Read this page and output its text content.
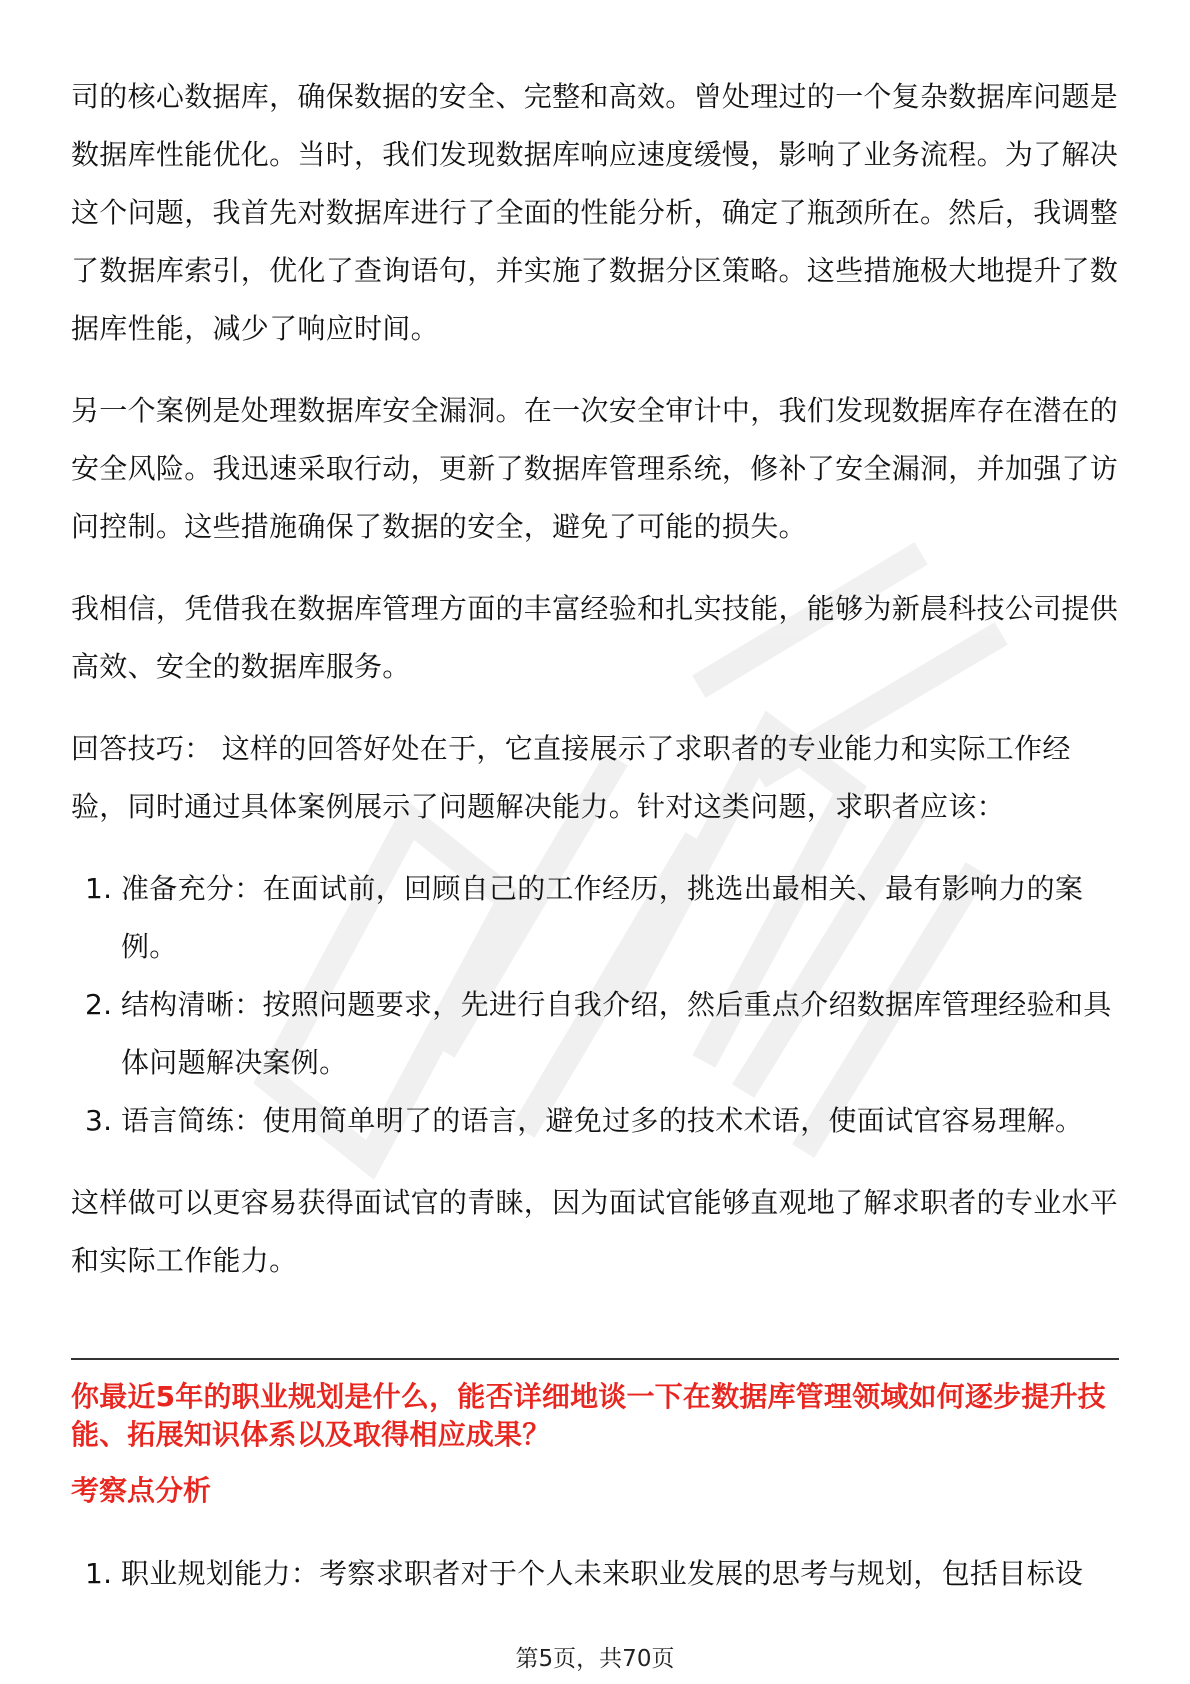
司的核心数据库，确保数据的安全、完整和高效。曾处理过的一个复杂数据库问题是数据库性能优化。当时，我们发现数据库响应速度缓慢，影响了业务流程。为了解决这个问题，我首先对数据库进行了全面的性能分析，确定了瓶颈所在。然后，我调整了数据库索引，优化了查询语句，并实施了数据分区策略。这些措施极大地提升了数据库性能，减少了响应时间。

另一个案例是处理数据库安全漏洞。在一次安全审计中，我们发现数据库存在潜在的安全风险。我迅速采取行动，更新了数据库管理系统，修补了安全漏洞，并加强了访问控制。这些措施确保了数据的安全，避免了可能的损失。

我相信，凭借我在数据库管理方面的丰富经验和扎实技能，能够为新晨科技公司提供高效、安全的数据库服务。

回答技巧： 这样的回答好处在于，它直接展示了求职者的专业能力和实际工作经验，同时通过具体案例展示了问题解决能力。针对这类问题，求职者应该：

1. 准备充分：在面试前，回顾自己的工作经历，挑选出最相关、最有影响力的案例。
2. 结构清晰：按照问题要求，先进行自我介绍，然后重点介绍数据库管理经验和具体问题解决案例。
3. 语言简练：使用简单明了的语言，避免过多的技术术语，使面试官容易理解。

这样做可以更容易获得面试官的青睐，因为面试官能够直观地了解求职者的专业水平和实际工作能力。

你最近5年的职业规划是什么，能否详细地谈一下在数据库管理领域如何逐步提升技能、拓展知识体系以及取得相应成果？
考察点分析
1. 职业规划能力：考察求职者对于个人未来职业发展的思考与规划，包括目标设
第5页，共70页
